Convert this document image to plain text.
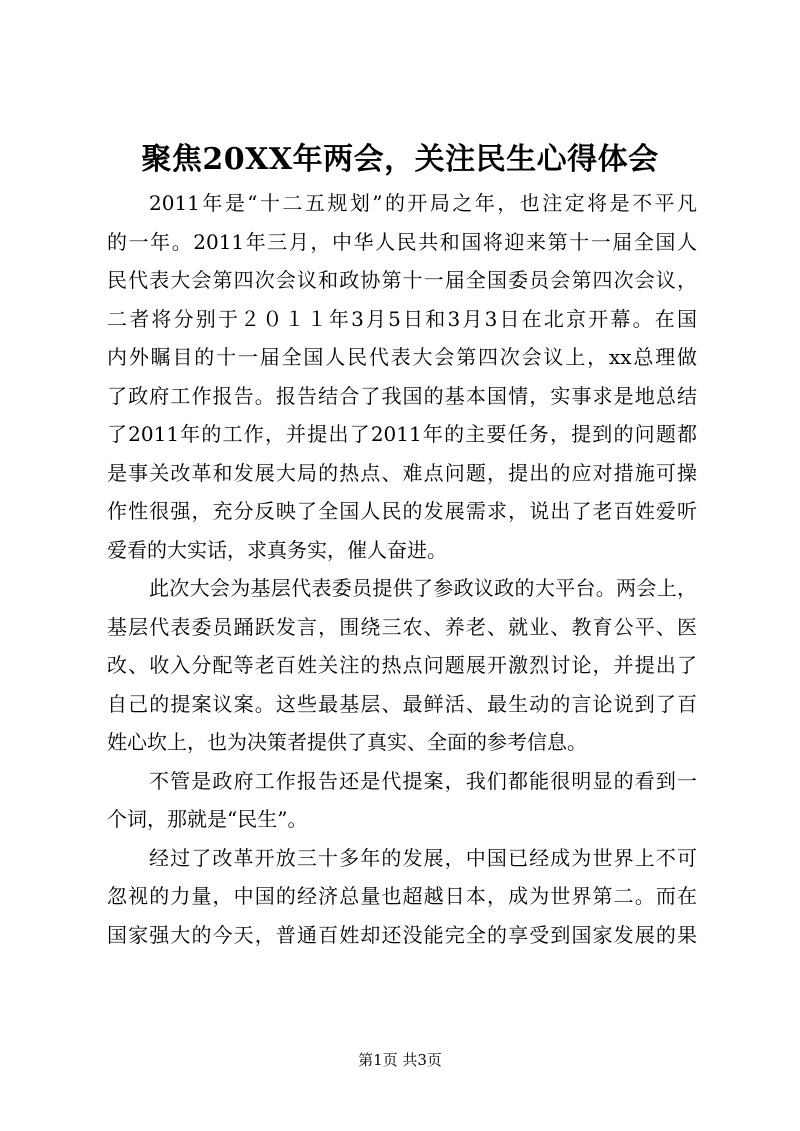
聚焦20XX年两会，关注民生心得体会
2011年是“十二五规划”的开局之年，也注定将是不平凡
的一年。2011年三月，中华人民共和国将迎来第十一届全国人
民代表大会第四次会议和政协第十一届全国委员会第四次会议，
二者将分别于２０１１年3月5日和3月3日在北京开幕。在国
内外瞩目的十一届全国人民代表大会第四次会议上，xx总理做
了政府工作报告。报告结合了我国的基本国情，实事求是地总结
了2011年的工作，并提出了2011年的主要任务，提到的问题都
是事关改革和发展大局的热点、难点问题，提出的应对措施可操
作性很强，充分反映了全国人民的发展需求，说出了老百姓爱听
爱看的大实话，求真务实，催人奋进。
此次大会为基层代表委员提供了参政议政的大平台。两会上，
基层代表委员踊跃发言，围绕三农、养老、就业、教育公平、医
改、收入分配等老百姓关注的热点问题展开激烈讨论，并提出了
自己的提案议案。这些最基层、最鲜活、最生动的言论说到了百
姓心坎上，也为决策者提供了真实、全面的参考信息。
不管是政府工作报告还是代提案，我们都能很明显的看到一
个词，那就是“民生”。
经过了改革开放三十多年的发展，中国已经成为世界上不可
忽视的力量，中国的经济总量也超越日本，成为世界第二。而在
国家强大的今天，普通百姓却还没能完全的享受到国家发展的果
第1页 共3页
